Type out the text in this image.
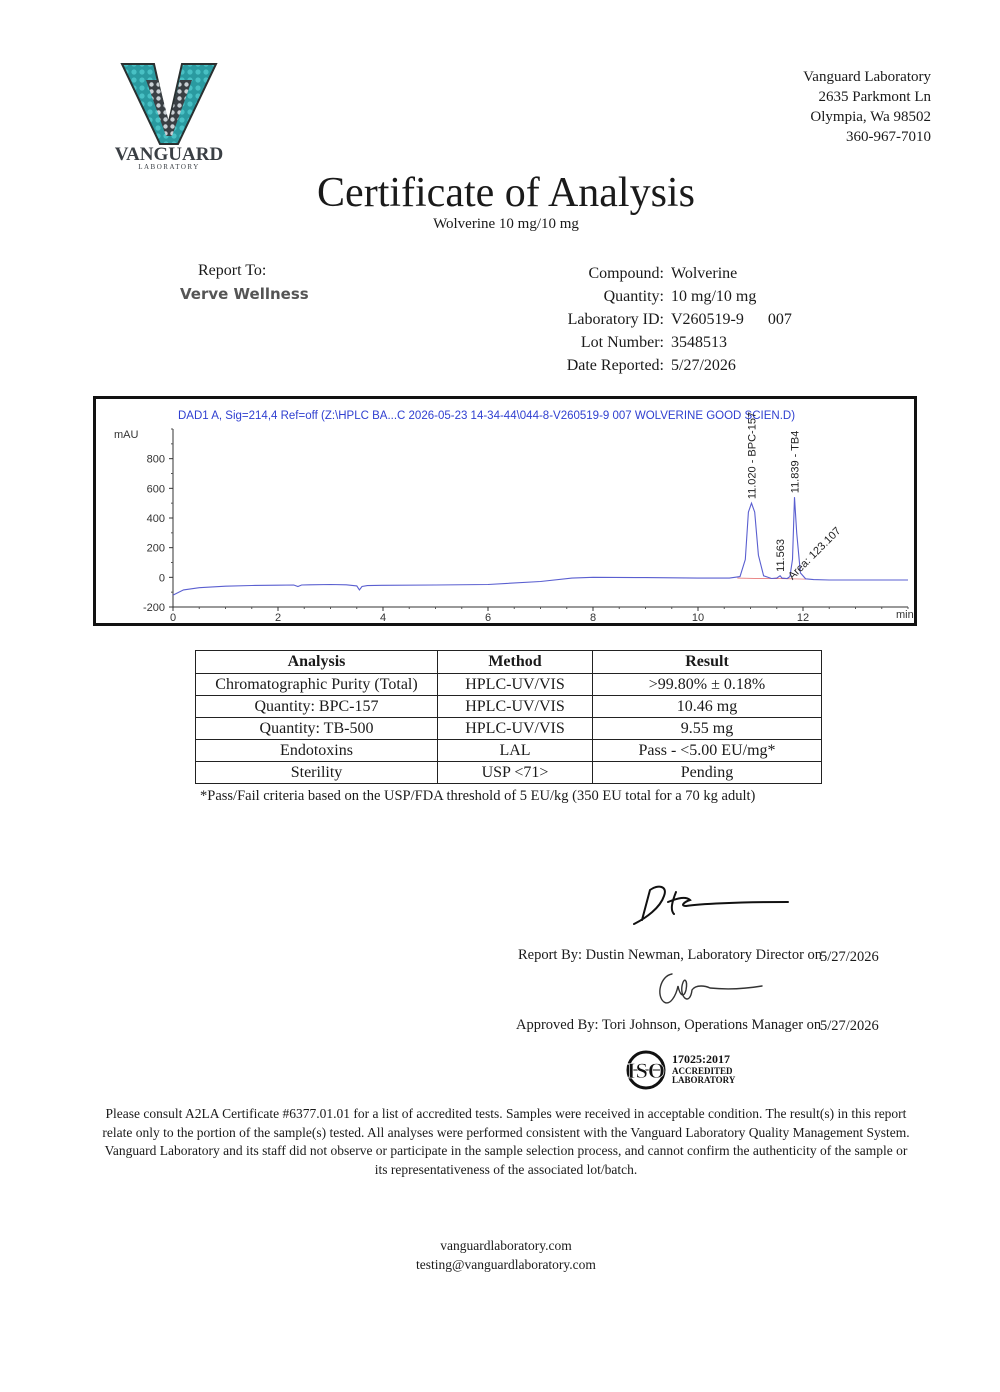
VANGUARD
LABORATORY
Vanguard Laboratory
2635 Parkmont Ln
Olympia, Wa 98502
360-967-7010
Certificate of Analysis
Wolverine 10 mg/10 mg
Report To:
Verve Wellness
Compound: Wolverine
Quantity: 10 mg/10 mg
Laboratory ID: V260519-9      007
Lot Number: 3548513
Date Reported: 5/27/2026
DAD1 A, Sig=214,4 Ref=off (Z:\HPLC BA...C 2026-05-23 14-34-44\044-8-V260519-9 007 WOLVERINE GOOD SCIEN.D)
mAU
min
-200
0
200
400
600
800
0	2	4	6	8	10	12
11.020 - BPC-157
11.563
11.839 - TB4
Area: 123.107
Analysis	Method	Result
Chromatographic Purity (Total)	HPLC-UV/VIS	>99.80% ± 0.18%
Quantity: BPC-157	HPLC-UV/VIS	10.46 mg
Quantity: TB-500	HPLC-UV/VIS	9.55 mg
Endotoxins	LAL	Pass - <5.00 EU/mg*
Sterility	USP <71>	Pending
*Pass/Fail criteria based on the USP/FDA threshold of 5 EU/kg (350 EU total for a 70 kg adult)
Report By: Dustin Newman, Laboratory Director on
5/27/2026
Approved By: Tori Johnson, Operations Manager on
5/27/2026
ISO 17025:2017
ACCREDITED
LABORATORY
Please consult A2LA Certificate #6377.01.01 for a list of accredited tests. Samples were received in acceptable condition. The result(s) in this report relate only to the portion of the sample(s) tested. All analyses were performed consistent with the Vanguard Laboratory Quality Management System. Vanguard Laboratory and its staff did not observe or participate in the sample selection process, and cannot confirm the authenticity of the sample or its representativeness of the associated lot/batch.
vanguardlaboratory.com
testing@vanguardlaboratory.com
